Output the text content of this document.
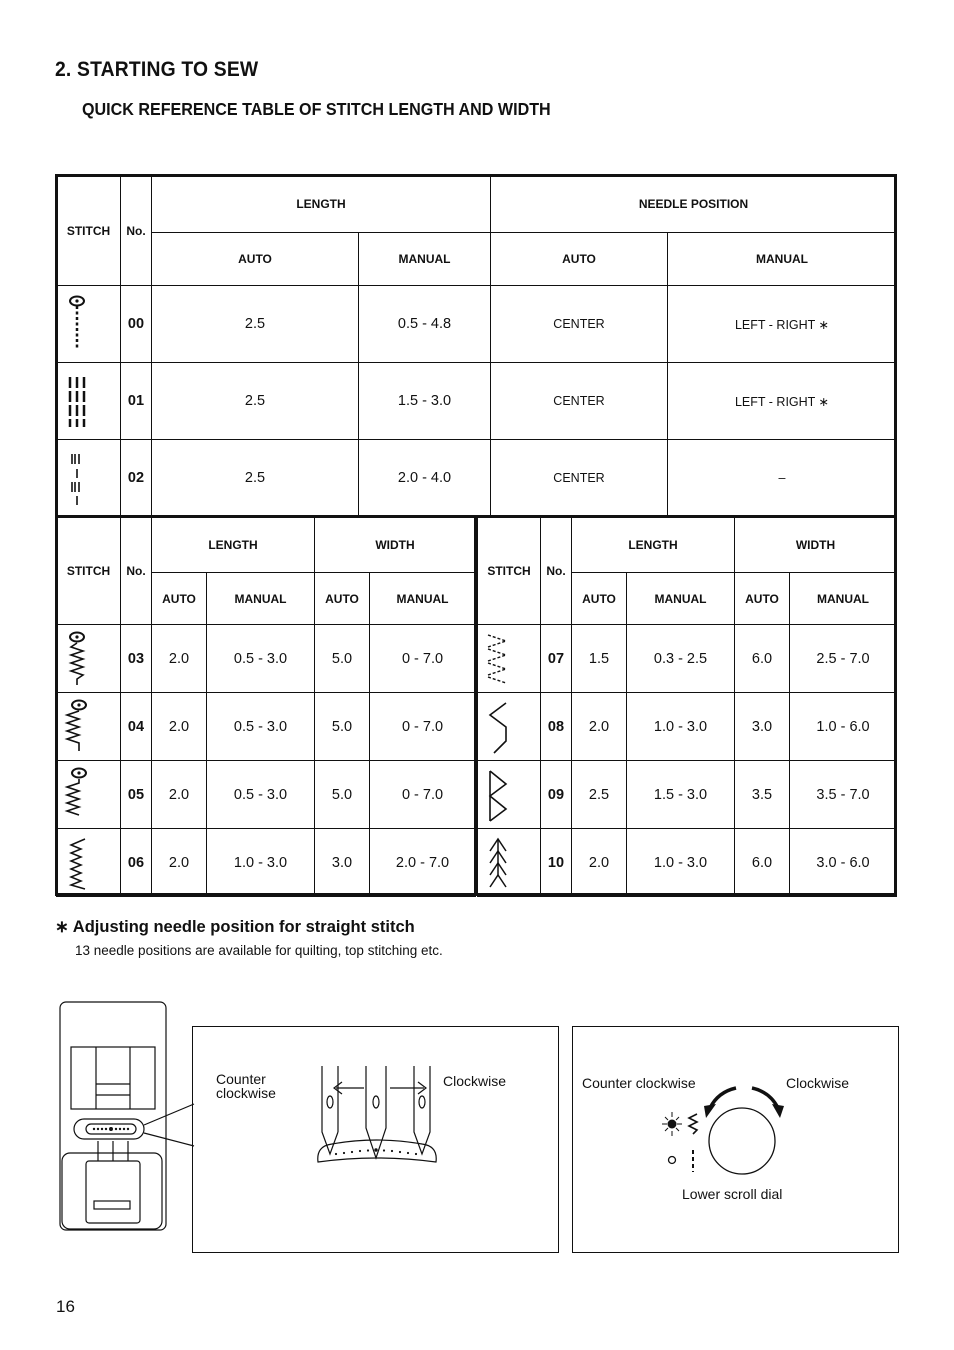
2. STARTING TO SEW
QUICK REFERENCE TABLE OF STITCH LENGTH AND WIDTH
STITCH	No.	LENGTH		NEEDLE POSITION	
		AUTO	MANUAL	AUTO	MANUAL

	00	2.5	0.5 - 4.8	CENTER	LEFT - RIGHT ∗

	01	2.5	1.5 - 3.0	CENTER	LEFT - RIGHT ∗

	02	2.5	2.0 - 4.0	CENTER	–
STITCH	No.	LENGTH		WIDTH	
		AUTO	MANUAL	AUTO	MANUAL

	03	2.0	0.5 - 3.0	5.0	0 - 7.0

	04	2.0	0.5 - 3.0	5.0	0 - 7.0

	05	2.0	0.5 - 3.0	5.0	0 - 7.0

	06	2.0	1.0 - 3.0	3.0	2.0 - 7.0
STITCH	No.	LENGTH		WIDTH	
		AUTO	MANUAL	AUTO	MANUAL

	07	1.5	0.3 - 2.5	6.0	2.5 - 7.0

	08	2.0	1.0 - 3.0	3.0	1.0 - 6.0

	09	2.5	1.5 - 3.0	3.5	3.5 - 7.0

	10	2.0	1.0 - 3.0	6.0	3.0 - 6.0
∗ Adjusting needle position for straight stitch
13 needle positions are available for quilting, top stitching etc.
Counter
clockwise
Clockwise	Counter clockwise	Clockwise
Lower scroll dial
16
